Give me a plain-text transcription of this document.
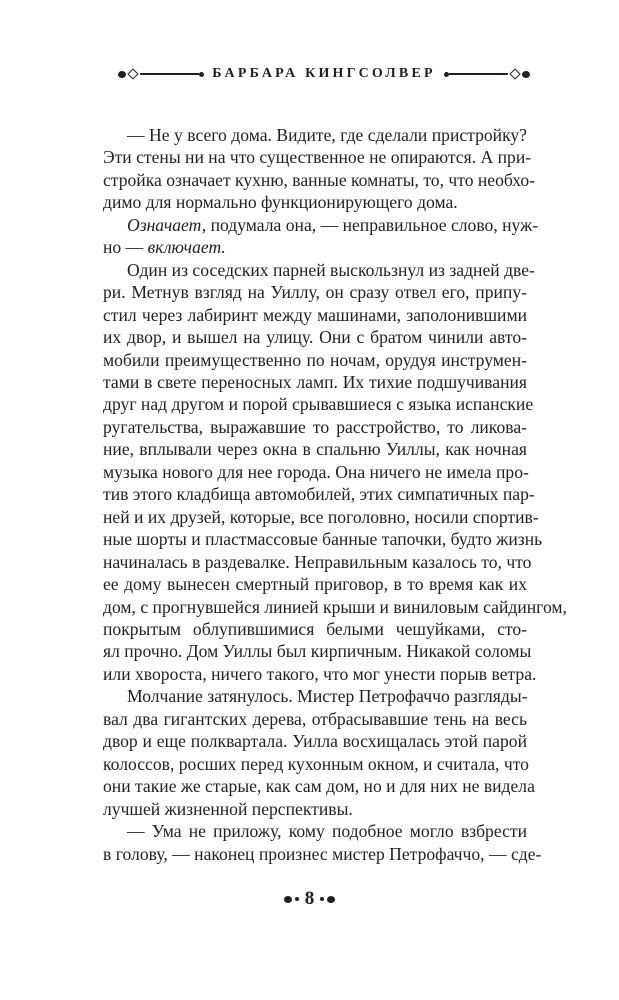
БАРБАРА КИНГСОЛВЕР
— Не у всего дома. Видите, где сделали пристройку?
Эти стены ни на что существенное не опираются. А при-
стройка означает кухню, ванные комнаты, то, что необхо-
димо для нормально функционирующего дома.
Означает, подумала она, — неправильное слово, нуж-
но — включает.
Один из соседских парней выскользнул из задней две-
ри. Метнув взгляд на Уиллу, он сразу отвел его, припу-
стил через лабиринт между машинами, заполонившими
их двор, и вышел на улицу. Они с братом чинили авто-
мобили преимущественно по ночам, орудуя инструмен-
тами в свете переносных ламп. Их тихие подшучивания
друг над другом и порой срывавшиеся с языка испанские
ругательства, выражавшие то расстройство, то ликова-
ние, вплывали через окна в спальню Уиллы, как ночная
музыка нового для нее города. Она ничего не имела про-
тив этого кладбища автомобилей, этих симпатичных пар-
ней и их друзей, которые, все поголовно, носили спортив-
ные шорты и пластмассовые банные тапочки, будто жизнь
начиналась в раздевалке. Неправильным казалось то, что
ее дому вынесен смертный приговор, в то время как их
дом, с прогнувшейся линией крыши и виниловым сайдингом,
покрытым облупившимися белыми чешуйками, сто-
ял прочно. Дом Уиллы был кирпичным. Никакой соломы
или хвороста, ничего такого, что мог унести порыв ветра.
Молчание затянулось. Мистер Петрофаччо разгляды-
вал два гигантских дерева, отбрасывавшие тень на весь
двор и еще полквартала. Уилла восхищалась этой парой
колоссов, росших перед кухонным окном, и считала, что
они такие же старые, как сам дом, но и для них не видела
лучшей жизненной перспективы.
— Ума не приложу, кому подобное могло взбрести
в голову, — наконец произнес мистер Петрофаччо, — сде-
8
